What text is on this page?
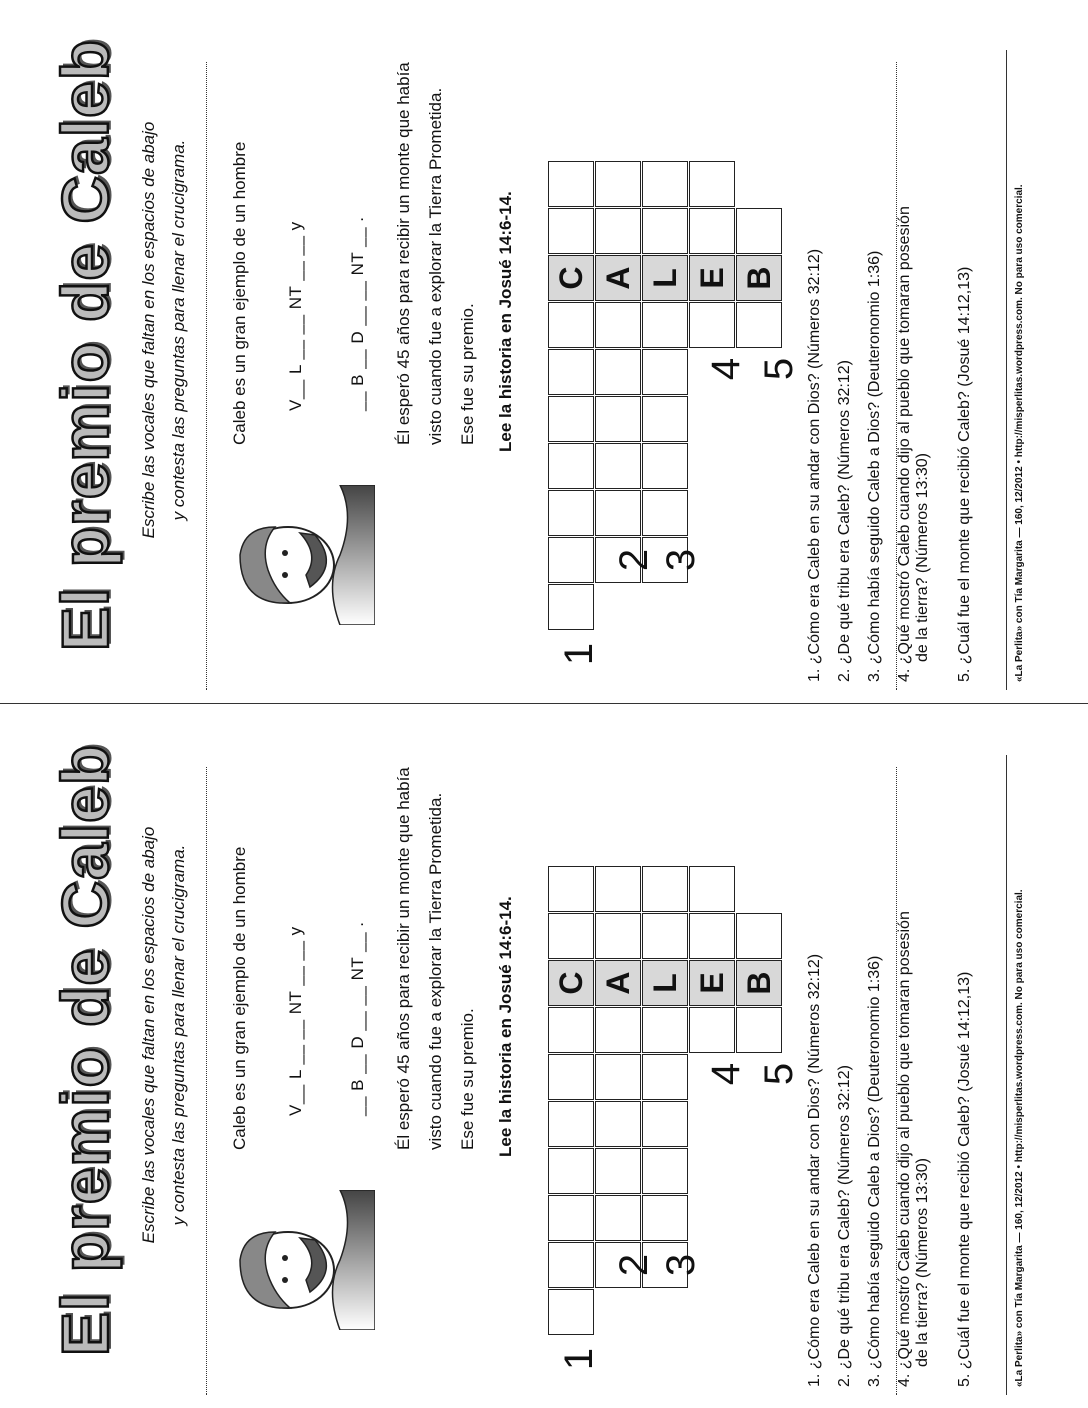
El premio de Caleb Escribe las vocales que faltan en los espacios de abajo y contesta las preguntas para llenar el crucigrama.	Caleb es un gran ejemplo de un hombre V__ L __ __ NT __ __ y	__ B __ D __ __ NT __ .	Él esperó 45 años para recibir un monte que había visto cuando fue a explorar la Tierra Prometida. Ese fue su premio.	Lee la historia en Josué 14:6-14. C A L E B
1
2 3
4 5 1. ¿Cómo era Caleb en su andar con Dios? (Números 32:12) 2. ¿De qué tribu era Caleb? (Números 32:12) 3. ¿Cómo había seguido Caleb a Dios? (Deuteronomio 1:36) 4. ¿Qué mostró Caleb cuando dijo al pueblo que tomaran posesión de la tierra? (Números 13:30) 5. ¿Cuál fue el monte que recibió Caleb? (Josué 14:12,13)	«La Perlita» con Tía Margarita — 160, 12/2012 • http://misperlitas.wordpress.com. No para uso comercial.
El premio de Caleb Escribe las vocales que faltan en los espacios de abajo y contesta las preguntas para llenar el crucigrama.	Caleb es un gran ejemplo de un hombre V__ L __ __ NT __ __ y	__ B __ D __ __ NT __ .	Él esperó 45 años para recibir un monte que había visto cuando fue a explorar la Tierra Prometida. Ese fue su premio.	Lee la historia en Josué 14:6-14. C A L E B
1
2 3
4 5 1. ¿Cómo era Caleb en su andar con Dios? (Números 32:12) 2. ¿De qué tribu era Caleb? (Números 32:12) 3. ¿Cómo había seguido Caleb a Dios? (Deuteronomio 1:36) 4. ¿Qué mostró Caleb cuando dijo al pueblo que tomaran posesión de la tierra? (Números 13:30) 5. ¿Cuál fue el monte que recibió Caleb? (Josué 14:12,13)	«La Perlita» con Tía Margarita — 160, 12/2012 • http://misperlitas.wordpress.com. No para uso comercial.
